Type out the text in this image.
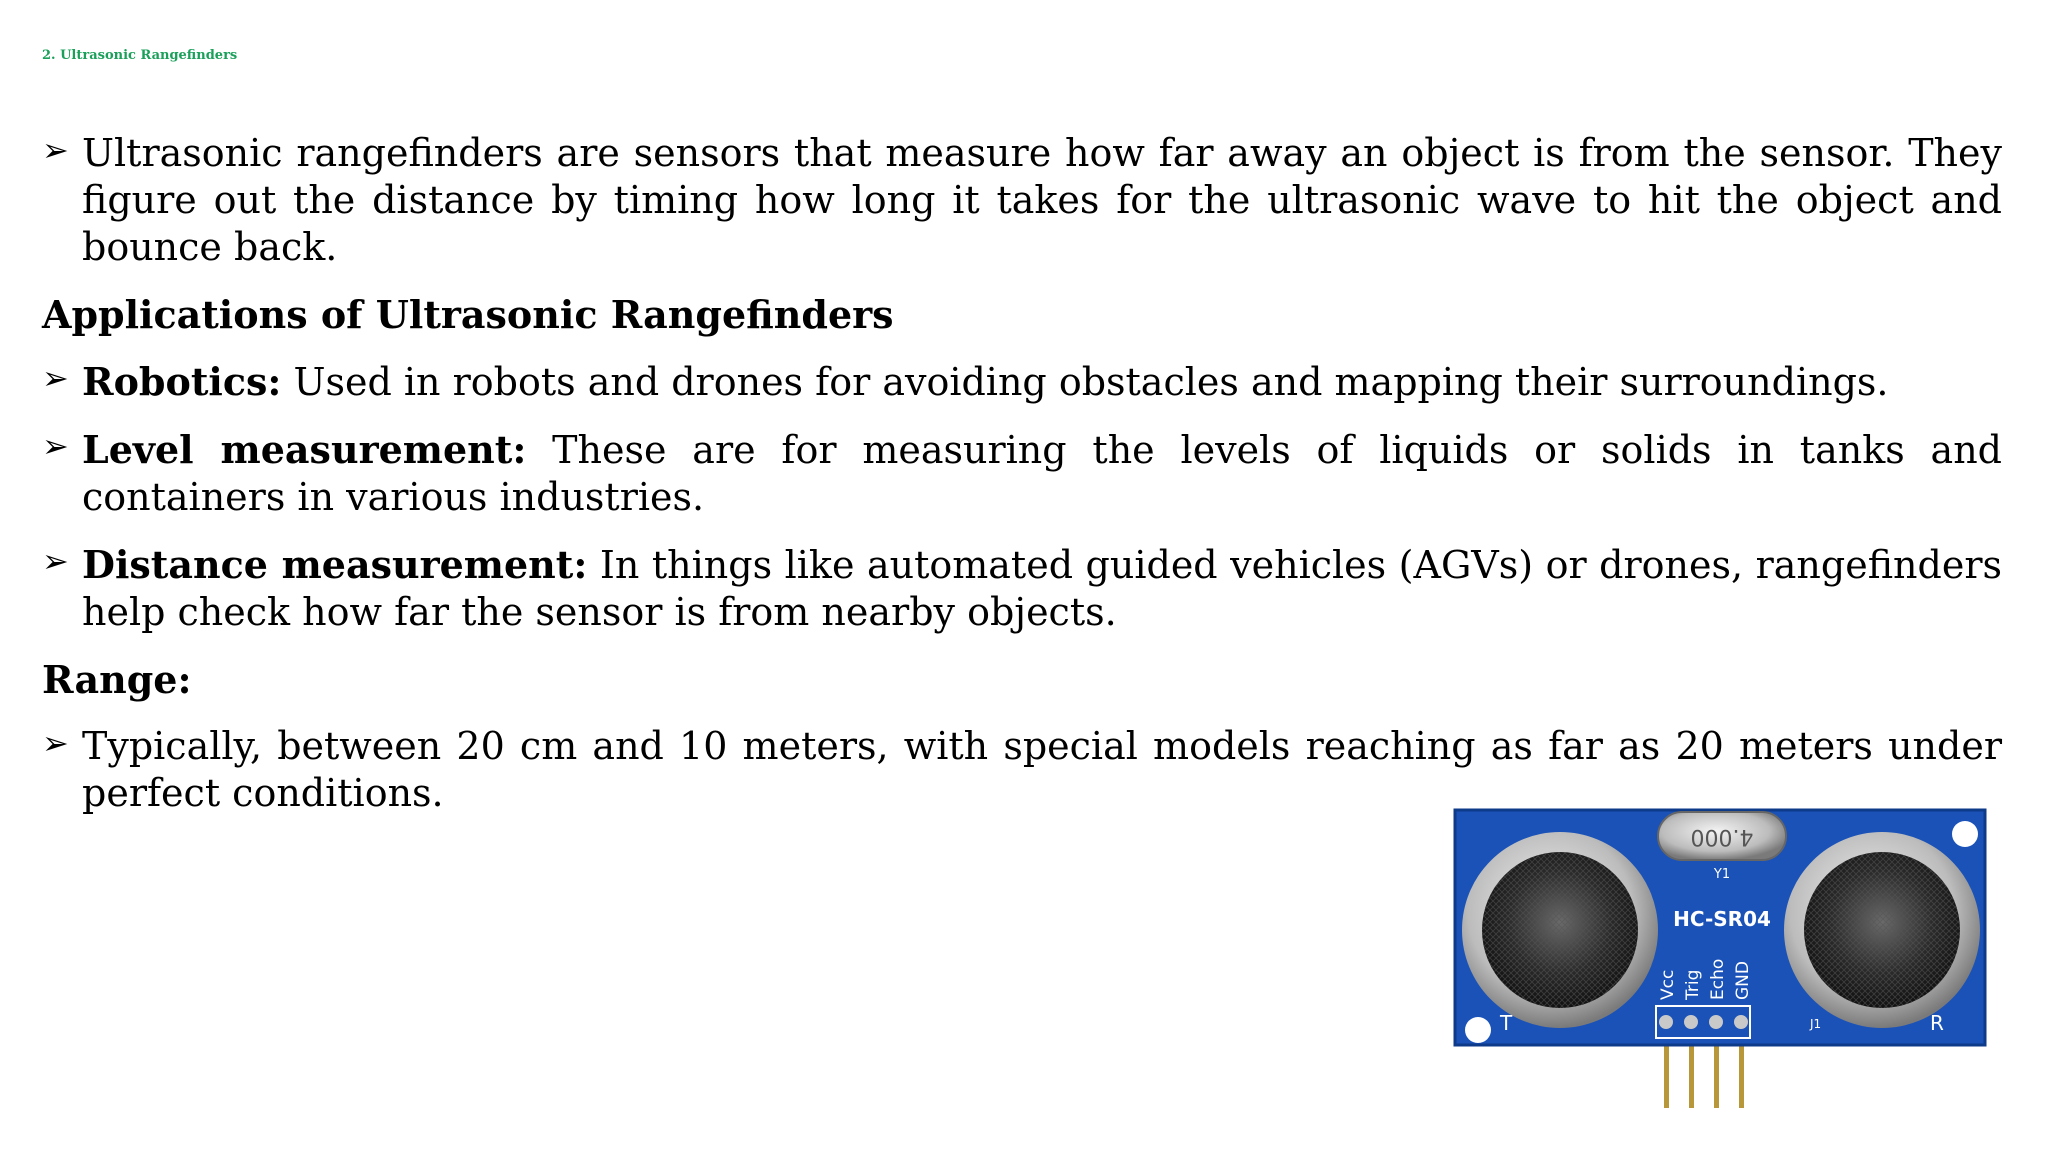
2. Ultrasonic Rangefinders
➢ Ultrasonic rangefinders are sensors that measure how far away an object is from the sensor. They figure out the distance by timing how long it takes for the ultrasonic wave to hit the object and bounce back.
Applications of Ultrasonic Rangefinders
➢ Robotics: Used in robots and drones for avoiding obstacles and mapping their surroundings.
➢ Level measurement: These are for measuring the levels of liquids or solids in tanks and containers in various industries.
➢ Distance measurement: In things like automated guided vehicles (AGVs) or drones, rangefinders help check how far the sensor is from nearby objects.
Range:
➢ Typically, between 20 cm and 10 meters, with special models reaching as far as 20 meters under perfect conditions.
4.000
Y1
HC-SR04
Vcc Trig Echo GND
T	R
J1
